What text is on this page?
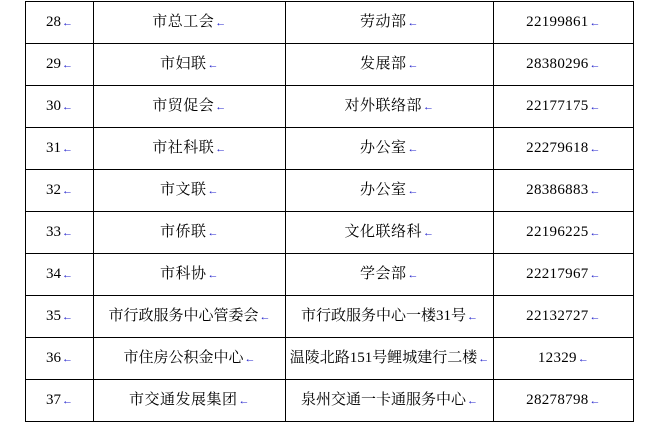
28←	市总工会←	劳动部←	22199861←
29←	市妇联←	发展部←	28380296←
30←	市贸促会←	对外联络部←	22177175←
31←	市社科联←	办公室←	22279618←
32←	市文联←	办公室←	28386883←
33←	市侨联←	文化联络科←	22196225←
34←	市科协←	学会部←	22217967←
35←	市行政服务中心管委会←	市行政服务中心一楼31号←	22132727←
36←	市住房公积金中心←	温陵北路151号鲤城建行二楼←	12329←
37←	市交通发展集团←	泉州交通一卡通服务中心←	28278798←
